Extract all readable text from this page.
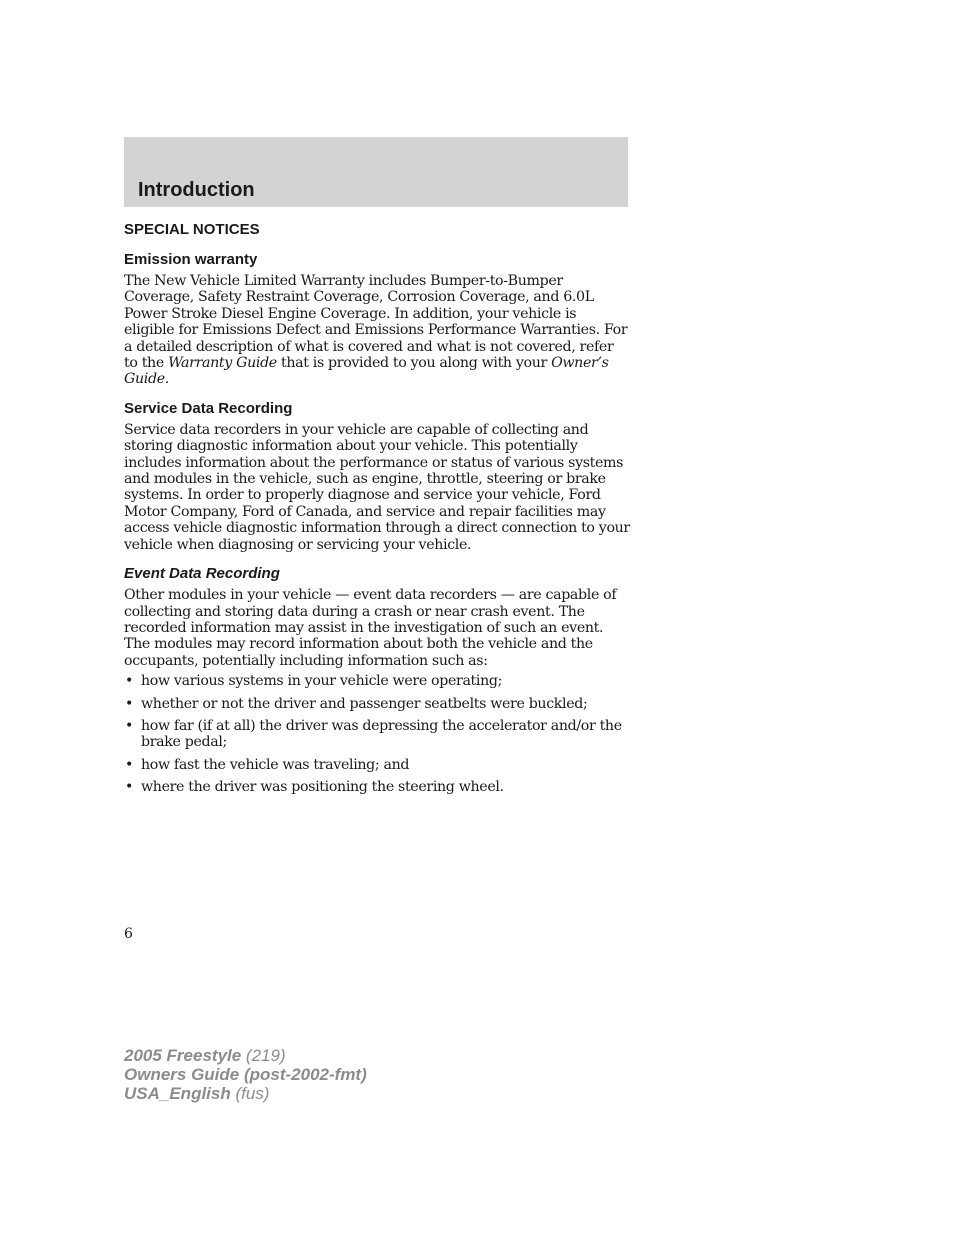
Introduction
SPECIAL NOTICES
Emission warranty

The New Vehicle Limited Warranty includes Bumper-to-Bumper Coverage, Safety Restraint Coverage, Corrosion Coverage, and 6.0L Power Stroke Diesel Engine Coverage. In addition, your vehicle is eligible for Emissions Defect and Emissions Performance Warranties. For a detailed description of what is covered and what is not covered, refer to the Warranty Guide that is provided to you along with your Owner’s Guide.

Service Data Recording

Service data recorders in your vehicle are capable of collecting and storing diagnostic information about your vehicle. This potentially includes information about the performance or status of various systems and modules in the vehicle, such as engine, throttle, steering or brake systems. In order to properly diagnose and service your vehicle, Ford Motor Company, Ford of Canada, and service and repair facilities may access vehicle diagnostic information through a direct connection to your vehicle when diagnosing or servicing your vehicle.

Event Data Recording

Other modules in your vehicle — event data recorders — are capable of collecting and storing data during a crash or near crash event. The recorded information may assist in the investigation of such an event. The modules may record information about both the vehicle and the occupants, potentially including information such as:

• how various systems in your vehicle were operating;
• whether or not the driver and passenger seatbelts were buckled;
• how far (if at all) the driver was depressing the accelerator and/or the brake pedal;
• how fast the vehicle was traveling; and
• where the driver was positioning the steering wheel.
6
2005 Freestyle (219)
Owners Guide (post-2002-fmt)
USA_English (fus)
